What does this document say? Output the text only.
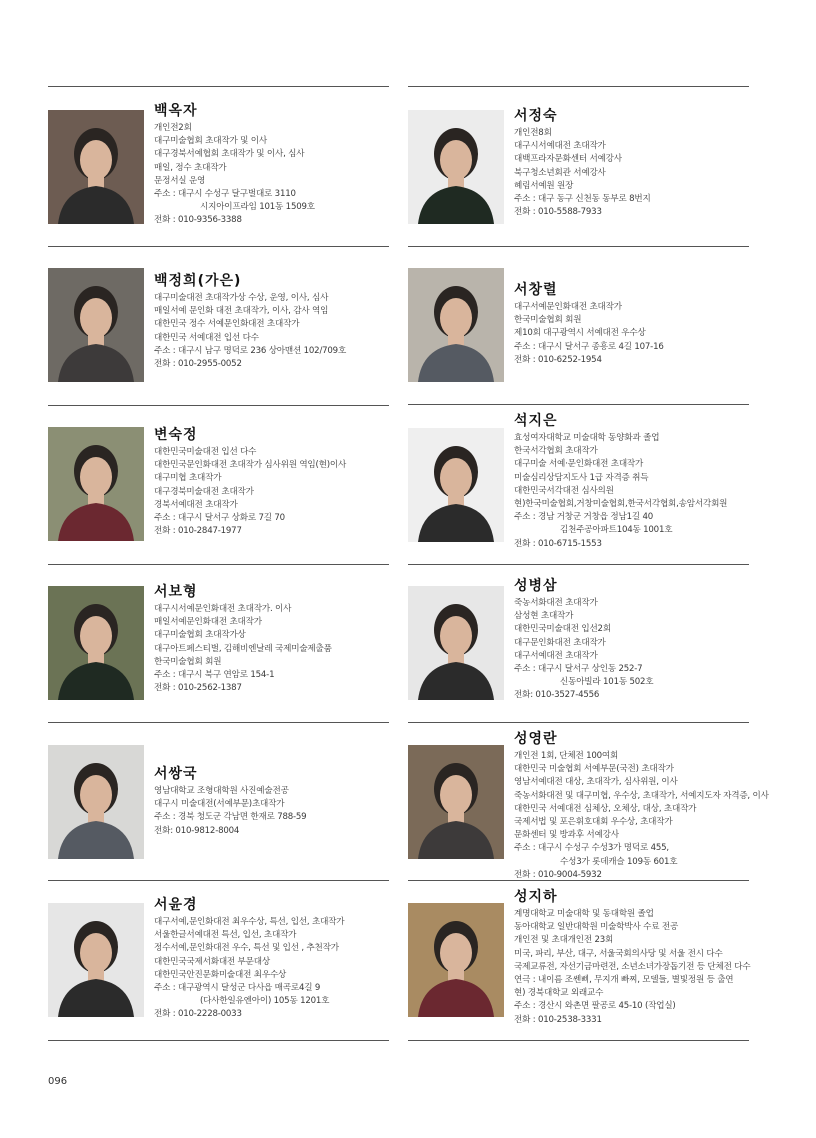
백옥자
개인전2회
대구미술협회 초대작가 및 이사
대구경북서예협회 초대작가 및 이사, 심사
매일, 정수 초대작가
문정서실 운영
주소 : 대구시 수성구 달구벌대로 3110
시지아이프라임 101동 1509호
전화 : 010-9356-3388
백정희(가은)
대구미술대전 초대작가상 수상, 운영, 이사, 심사
매일서예 문인화 대전 초대작가, 이사, 감사 역임
대한민국 정수 서예문인화대전 초대작가
대한민국 서예대전 입선 다수
주소 : 대구시 남구 명덕로 236 상아맨션 102/709호
전화 : 010-2955-0052
변숙정
대한민국미술대전 입선 다수
대한민국문인화대전 초대작가 심사위원 역임(현)이사
대구미협 초대작가
대구경북미술대전 초대작가
경북서예대전 초대작가
주소 : 대구시 달서구 상화로 7길 70
전화 : 010-2847-1977
서보형
대구시서예문인화대전 초대작가. 이사
매일서예문인화대전 초대작가
대구미술협회 초대작가상
대구아트페스티벌, 김해비엔날레 국제미술제출품
한국미술협회 회원
주소 : 대구시 북구 연암로 154-1
전화 : 010-2562-1387
서쌍국
영남대학교 조형대학원 사진예술전공
대구시 미술대전(서예부문)초대작가
주소 : 경북 청도군 각남면 한재로 788-59
전화: 010-9812-8004
서윤경
대구서예,문인화대전 최우수상, 특선, 입선, 초대작가
서울한글서예대전 특선, 입선, 초대작가
정수서예,문인화대전 우수, 특선 및 입선 , 추천작가
대한민국국제서화대전 부문대상
대한민국안진문화미술대전 최우수상
주소 : 대구광역시 달성군 다사읍 매곡로4길 9
(다사한일유엔아이) 105동 1201호
전화 : 010-2228-0033
서정숙
개인전8회
대구시서예대전 초대작가
대백프라자문화센터 서예강사
북구청소년회관 서예강사
혜림서예원 원장
주소 : 대구 동구 신천동 동부로 8번지
전화 : 010-5588-7933
서창렬
대구서예문인화대전 초대작가
한국미술협회 회원
제10회 대구광역시 서예대전 우수상
주소 : 대구시 달서구 종흥로 4길 107-16
전화 : 010-6252-1954
석지은
효성여자대학교 미술대학 동양화과 졸업
한국서각협회 초대작가
대구미술 서예·문인화대전 초대작가
미술심리상담지도사 1급 자격증 취득
대한민국서각대전 심사의원
현)한국미술협회,거창미술협회,한국서각협회,송암서각회원
주소 : 경남 거창군 거창읍 정남1길 40
김천주공아파트104동 1001호
전화 : 010-6715-1553
성병삼
죽농서화대전 초대작가
삼성현 초대작가
대한민국미술대전 입선2회
대구문인화대전 초대작가
대구서예대전 초대작가
주소 : 대구시 달서구 상인동 252-7
신동아빌라 101동 502호
전화: 010-3527-4556
성영란
개인전 1회, 단체전 100여회
대한민국 미술협회 서예부문(국전) 초대작가
영남서예대전 대상, 초대작가, 심사위원, 이사
죽농서화대전 및 대구미협, 우수상, 초대작가, 서예지도자 자격증, 이사
대한민국 서예대전 심체상, 오체상, 대상, 초대작가
국제서법 및 포은휘호대회 우수상, 초대작가
문화센터 및 방과후 서예강사
주소 : 대구시 수성구 수성3가 명덕로 455,
수성3가 롯데캐슬 109동 601호
전화 : 010-9004-5932
성지하
계명대학교 미술대학 및 동대학원 졸업
동아대학교 일반대학원 미술학박사 수료 전공
개인전 및 초대개인전 23회
미국, 파리, 부산, 대구, 서울국회의사당 및 서울 전시 다수
국제교류전, 자선기금마련전, 소년소녀가장돕기전 등 단체전 다수
연극 : 내이름 조쎈삐, 무지개 빠찌, 모델들, 별빛정원 등 출연
현) 경북대학교 외래교수
주소 : 경산시 와촌면 팔공로 45-10 (작업실)
전화 : 010-2538-3331
096
